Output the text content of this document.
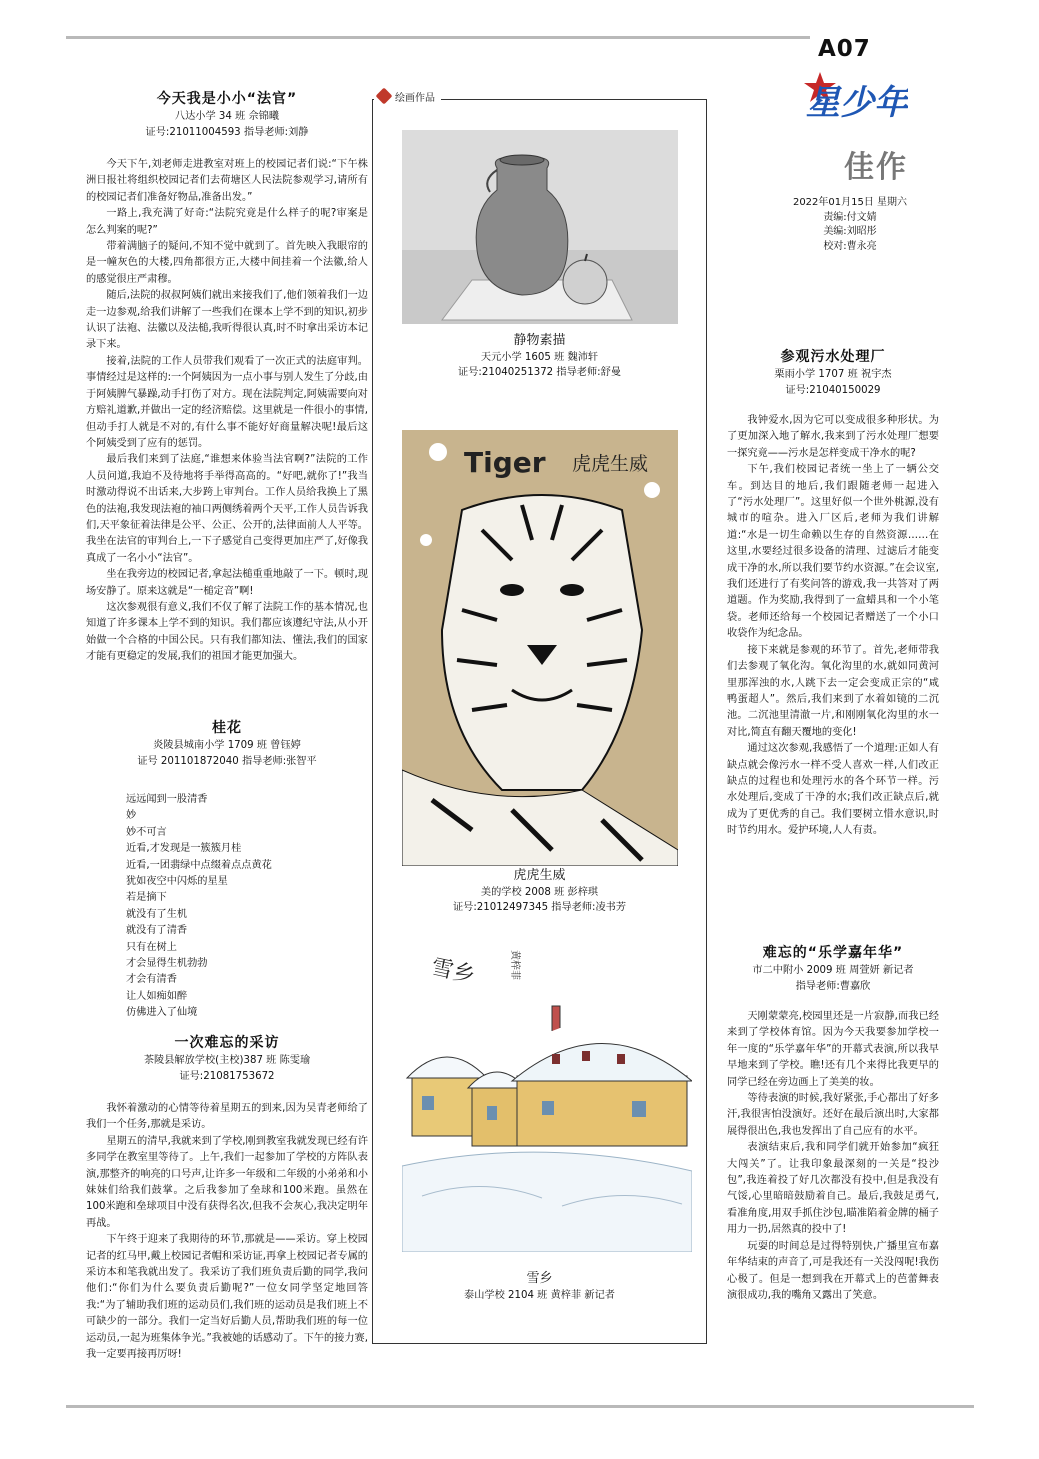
A07
星少年
佳作
2022年01月15日 星期六
责编:付文婧
美编:刘昭彤
校对:曹永亮
今天我是小小“法官”
八达小学 34 班 佘锦曦
证号:21011004593 指导老师:刘静

今天下午,刘老师走进教室对班上的校园记者们说:“下午株洲日报社将组织校园记者们去荷塘区人民法院参观学习,请所有的校园记者们准备好物品,准备出发。”

一路上,我充满了好奇:“法院究竟是什么样子的呢?审案是怎么判案的呢?”

带着满脑子的疑问,不知不觉中就到了。首先映入我眼帘的是一幢灰色的大楼,四角都很方正,大楼中间挂着一个法徽,给人的感觉很庄严肃穆。

随后,法院的叔叔阿姨们就出来接我们了,他们领着我们一边走一边参观,给我们讲解了一些我们在课本上学不到的知识,初步认识了法袍、法徽以及法槌,我听得很认真,时不时拿出采访本记录下来。

接着,法院的工作人员带我们观看了一次正式的法庭审判。事情经过是这样的:一个阿姨因为一点小事与别人发生了分歧,由于阿姨脾气暴躁,动手打伤了对方。现在法院判定,阿姨需要向对方赔礼道歉,并做出一定的经济赔偿。这里就是一件很小的事情,但动手打人就是不对的,有什么事不能好好商量解决呢!最后这个阿姨受到了应有的惩罚。

最后我们来到了法庭,“谁想来体验当法官啊?”法院的工作人员问道,我迫不及待地将手举得高高的。“好吧,就你了!”我当时激动得说不出话来,大步跨上审判台。工作人员给我换上了黑色的法袍,我发现法袍的袖口两侧绣着两个天平,工作人员告诉我们,天平象征着法律是公平、公正、公开的,法律面前人人平等。我坐在法官的审判台上,一下子感觉自己变得更加庄严了,好像我真成了一名小小“法官”。

坐在我旁边的校园记者,拿起法槌重重地敲了一下。顿时,现场安静了。原来这就是“一槌定音”啊!

这次参观很有意义,我们不仅了解了法院工作的基本情况,也知道了许多课本上学不到的知识。我们都应该遵纪守法,从小开始做一个合格的中国公民。只有我们都知法、懂法,我们的国家才能有更稳定的发展,我们的祖国才能更加强大。

桂花
炎陵县城南小学 1709 班 曾钰婷
证号 201101872040 指导老师:张智平
远远闻到一股清香
妙
妙不可言
近看,才发现是一簇簇月桂
近看,一团翡绿中点缀着点点黄花
犹如夜空中闪烁的星星
若是摘下
就没有了生机
就没有了清香
只有在树上
才会显得生机勃勃
才会有清香
让人如痴如醉
仿佛进入了仙境
一次难忘的采访
茶陵县解放学校(主校)387 班 陈雯瑜
证号:21081753672

我怀着激动的心情等待着星期五的到来,因为吴青老师给了我们一个任务,那就是采访。

星期五的清早,我就来到了学校,刚到教室我就发现已经有许多同学在教室里等待了。上午,我们一起参加了学校的方阵队表演,那整齐的响亮的口号声,让许多一年级和二年级的小弟弟和小妹妹们给我们鼓掌。之后我参加了垒球和100米跑。虽然在100米跑和垒球项目中没有获得名次,但我不会灰心,我决定明年再战。

下午终于迎来了我期待的环节,那就是——采访。穿上校园记者的红马甲,戴上校园记者帽和采访证,再拿上校园记者专属的采访本和笔我就出发了。我采访了我们班负责后勤的同学,我问他们:“你们为什么要负责后勤呢?”一位女同学坚定地回答我:“为了辅助我们班的运动员们,我们班的运动员是我们班上不可缺少的一部分。我们一定当好后勤人员,帮助我们班的每一位运动员,一起为班集体争光。”我被她的话感动了。下午的接力赛,我一定要再接再厉呀!

静物素描
天元小学 1605 班 魏沛轩
证号:21040251372 指导老师:舒曼
Tiger 虎虎生威
虎虎生威
美的学校 2008 班 彭梓琪
证号:21012497345 指导老师:凌书芳
雪乡	黄梓菲
雪乡
泰山学校 2104 班 黄梓菲 新记者
绘画作品
参观污水处理厂
栗雨小学 1707 班 祝宇杰
证号:21040150029

我钟爱水,因为它可以变成很多种形状。为了更加深入地了解水,我来到了污水处理厂想要一探究竟——污水是怎样变成干净水的呢?

下午,我们校园记者统一坐上了一辆公交车。到达目的地后,我们跟随老师一起进入了“污水处理厂”。这里好似一个世外桃源,没有城市的喧杂。进入厂区后,老师为我们讲解道:“水是一切生命赖以生存的自然资源……在这里,水要经过很多设备的清理、过滤后才能变成干净的水,所以我们要节约水资源。”在会议室,我们还进行了有奖问答的游戏,我一共答对了两道题。作为奖励,我得到了一盒蜡具和一个小笔袋。老师还给每一个校园记者赠送了一个小口收袋作为纪念品。

接下来就是参观的环节了。首先,老师带我们去参观了氧化沟。氧化沟里的水,就如同黄河里那浑浊的水,人跳下去一定会变成正宗的“咸鸭蛋超人”。然后,我们来到了水着如镜的二沉池。二沉池里清澈一片,和刚刚氧化沟里的水一对比,简直有翻天覆地的变化!

通过这次参观,我感悟了一个道理:正如人有缺点就会像污水一样不受人喜欢一样,人们改正缺点的过程也和处理污水的各个环节一样。污水处理后,变成了干净的水;我们改正缺点后,就成为了更优秀的自己。我们要树立惜水意识,时时节约用水。爱护环境,人人有责。

难忘的“乐学嘉年华”
市二中附小 2009 班 周萱妍 新记者
指导老师:曹嘉欣

天刚蒙蒙亮,校园里还是一片寂静,而我已经来到了学校体育馆。因为今天我要参加学校一年一度的“乐学嘉年华”的开幕式表演,所以我早早地来到了学校。瞧!还有几个来得比我更早的同学已经在旁边画上了美美的妆。

等待表演的时候,我好紧张,手心都出了好多汗,我很害怕没演好。还好在最后演出时,大家都展得很出色,我也发挥出了自己应有的水平。

表演结束后,我和同学们就开始参加“疯狂大闯关”了。让我印象最深刻的一关是“投沙包”,我连着投了好几次都没有投中,但是我没有气馁,心里暗暗鼓励着自己。最后,我鼓足勇气,看准角度,用双手抓住沙包,瞄准陷着金牌的桶子用力一扔,居然真的投中了!

玩耍的时间总是过得特别快,广播里宣布嘉年华结束的声音了,可是我还有一关没闯呢!我伤心极了。但是一想到我在开幕式上的芭蕾舞表演很成功,我的嘴角又露出了笑意。
